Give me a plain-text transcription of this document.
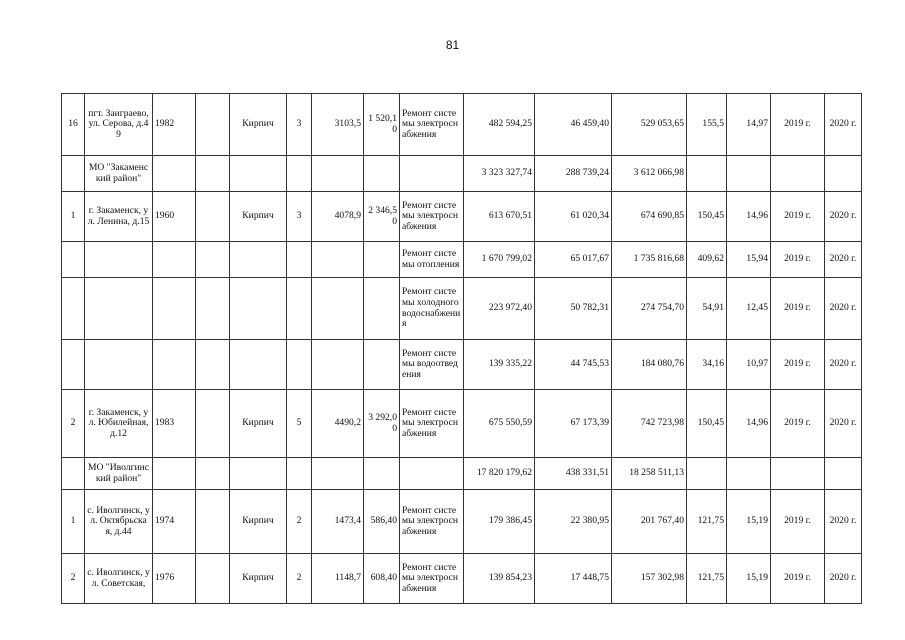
81
16	пгт. Заиграево, ул. Серова, д.49	1982		Кирпич	3	3103,5	1 520,10	Ремонт системы электроснабжения	482 594,25	46 459,40	529 053,65	155,5	14,97	2019 г.	2020 г.
	МО "Закаменский район"								3 323 327,74	288 739,24	3 612 066,98				
1	г. Закаменск, ул. Ленина, д.15	1960		Кирпич	3	4078,9	2 346,50	Ремонт системы электроснабжения	613 670,51	61 020,34	674 690,85	150,45	14,96	2019 г.	2020 г.
								Ремонт системы отопления	1 670 799,02	65 017,67	1 735 816,68	409,62	15,94	2019 г.	2020 г.
								Ремонт системы холодного водоснабжения	223 972,40	50 782,31	274 754,70	54,91	12,45	2019 г.	2020 г.
								Ремонт системы водоотведения	139 335,22	44 745,53	184 080,76	34,16	10,97	2019 г.	2020 г.
2	г. Закаменск, ул. Юбилейная, д.12	1983		Кирпич	5	4490,2	3 292,00	Ремонт системы электроснабжения	675 550,59	67 173,39	742 723,98	150,45	14,96	2019 г.	2020 г.
	МО "Иволгинский район"								17 820 179,62	438 331,51	18 258 511,13				
1	с. Иволгинск, ул. Октябрьская, д.44	1974		Кирпич	2	1473,4	586,40	Ремонт системы электроснабжения	179 386,45	22 380,95	201 767,40	121,75	15,19	2019 г.	2020 г.
2	с. Иволгинск, ул. Советская,	1976		Кирпич	2	1148,7	608,40	Ремонт системы электроснабжения	139 854,23	17 448,75	157 302,98	121,75	15,19	2019 г.	2020 г.
